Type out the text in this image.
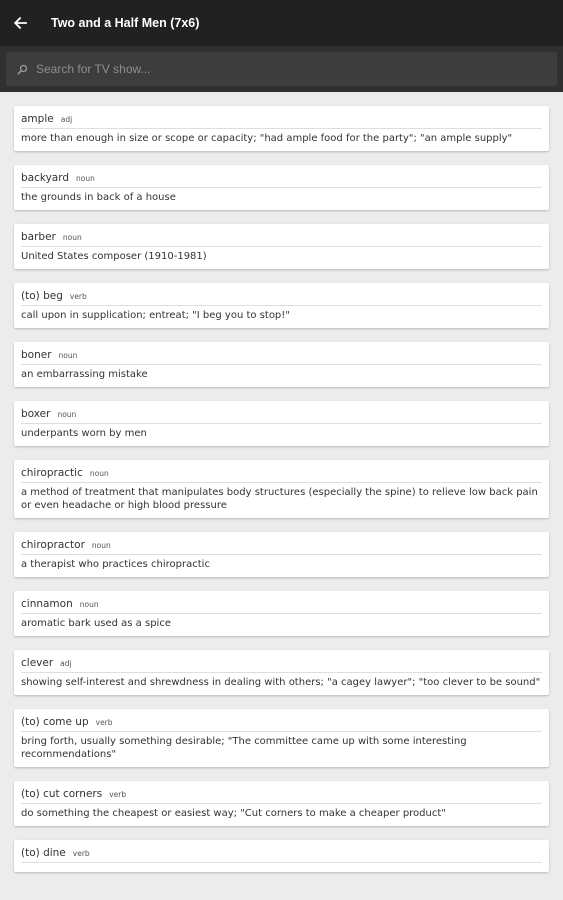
Two and a Half Men (7x6)
Search for TV show...
ample adj
more than enough in size or scope or capacity; "had ample food for the party"; "an ample supply"
backyard noun
the grounds in back of a house
barber noun
United States composer (1910-1981)
(to) beg verb
call upon in supplication; entreat; "I beg you to stop!"
boner noun
an embarrassing mistake
boxer noun
underpants worn by men
chiropractic noun
a method of treatment that manipulates body structures (especially the spine) to relieve low back pain or even headache or high blood pressure
chiropractor noun
a therapist who practices chiropractic
cinnamon noun
aromatic bark used as a spice
clever adj
showing self-interest and shrewdness in dealing with others; "a cagey lawyer"; "too clever to be sound"
(to) come up verb
bring forth, usually something desirable; "The committee came up with some interesting recommendations"
(to) cut corners verb
do something the cheapest or easiest way; "Cut corners to make a cheaper product"
(to) dine verb
